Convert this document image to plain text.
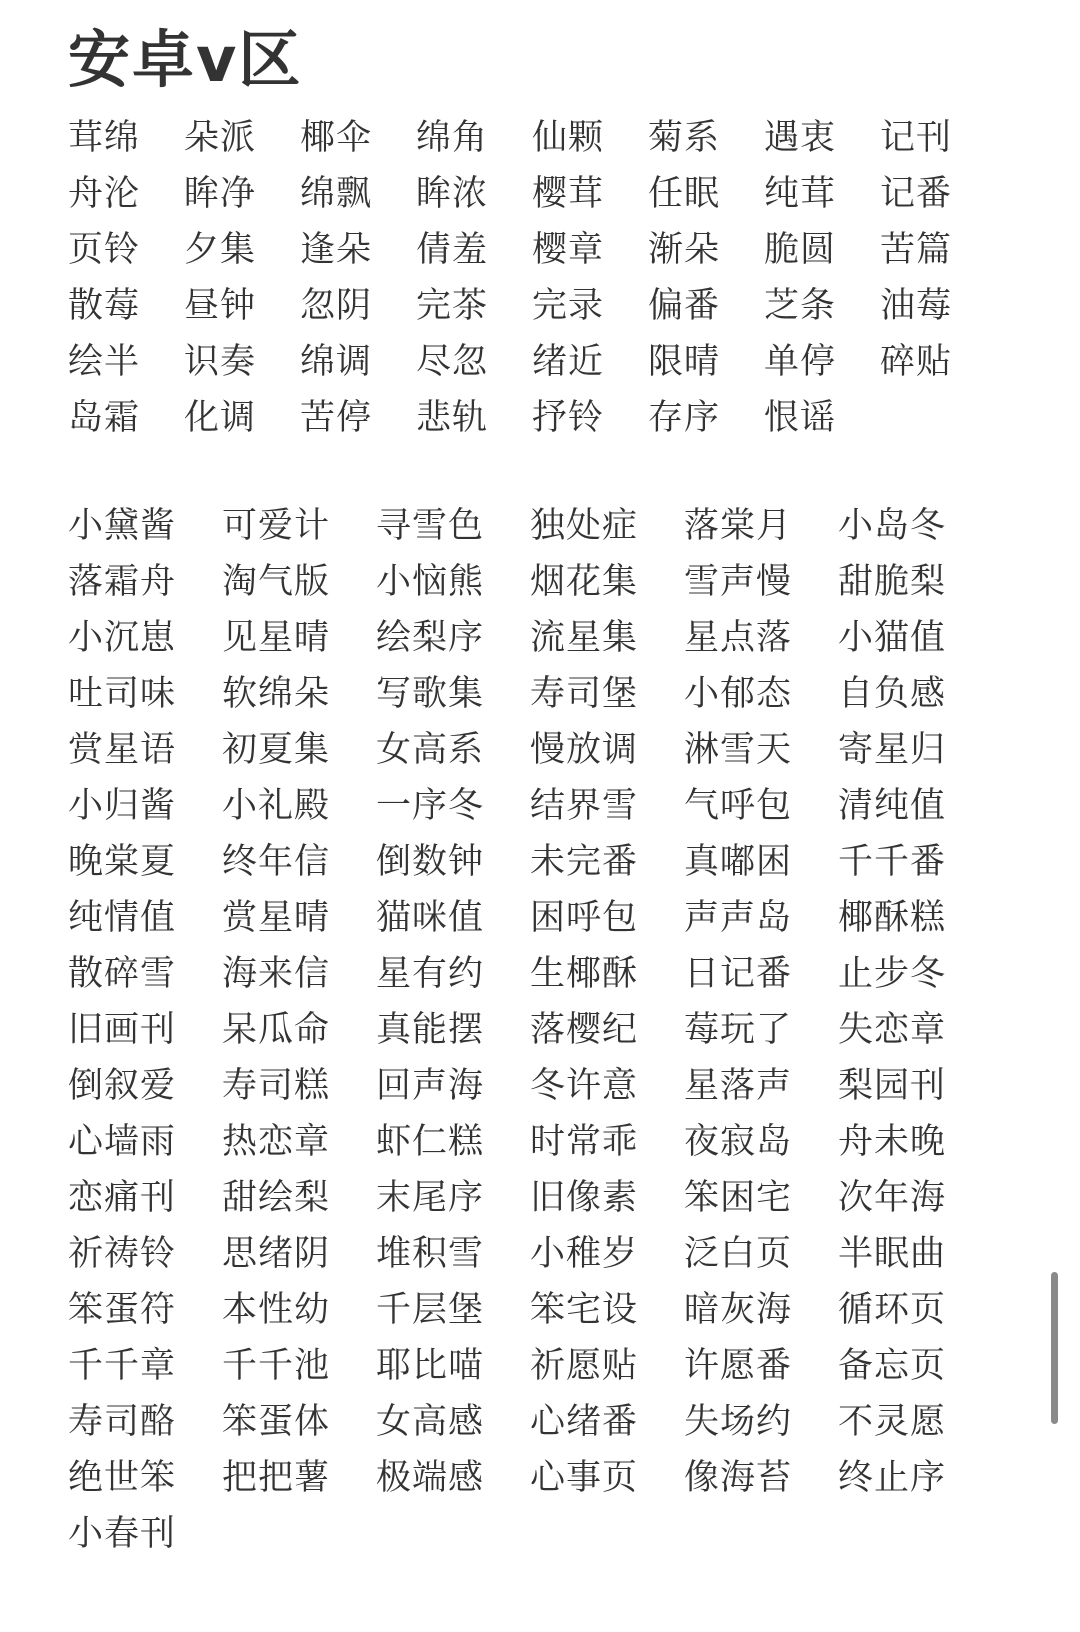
安卓v区
茸绵	朵派	椰伞	绵角	仙颗	菊系	遇衷	记刊
舟沦	眸净	绵飘	眸浓	樱茸	任眠	纯茸	记番
页铃	夕集	逢朵	倩羞	樱章	渐朵	脆圆	苦篇
散莓	昼钟	忽阴	完茶	完录	偏番	芝条	油莓
绘半	识奏	绵调	尽忽	绪近	限晴	单停	碎贴
岛霜	化调	苦停	悲轨	抒铃	存序	恨谣
小黛酱	可爱计	寻雪色	独处症	落棠月	小岛冬
落霜舟	淘气版	小恼熊	烟花集	雪声慢	甜脆梨
小沉崽	见星晴	绘梨序	流星集	星点落	小猫值
吐司味	软绵朵	写歌集	寿司堡	小郁态	自负感
赏星语	初夏集	女高系	慢放调	淋雪天	寄星归
小归酱	小礼殿	一序冬	结界雪	气呼包	清纯值
晚棠夏	终年信	倒数钟	未完番	真嘟困	千千番
纯情值	赏星晴	猫咪值	困呼包	声声岛	椰酥糕
散碎雪	海来信	星有约	生椰酥	日记番	止步冬
旧画刊	呆瓜命	真能摆	落樱纪	莓玩了	失恋章
倒叙爱	寿司糕	回声海	冬许意	星落声	梨园刊
心墙雨	热恋章	虾仁糕	时常乖	夜寂岛	舟未晚
恋痛刊	甜绘梨	末尾序	旧像素	笨困宅	次年海
祈祷铃	思绪阴	堆积雪	小稚岁	泛白页	半眠曲
笨蛋符	本性幼	千层堡	笨宅设	暗灰海	循环页
千千章	千千池	耶比喵	祈愿贴	许愿番	备忘页
寿司酪	笨蛋体	女高感	心绪番	失场约	不灵愿
绝世笨	把把薯	极端感	心事页	像海苔	终止序
小春刊
